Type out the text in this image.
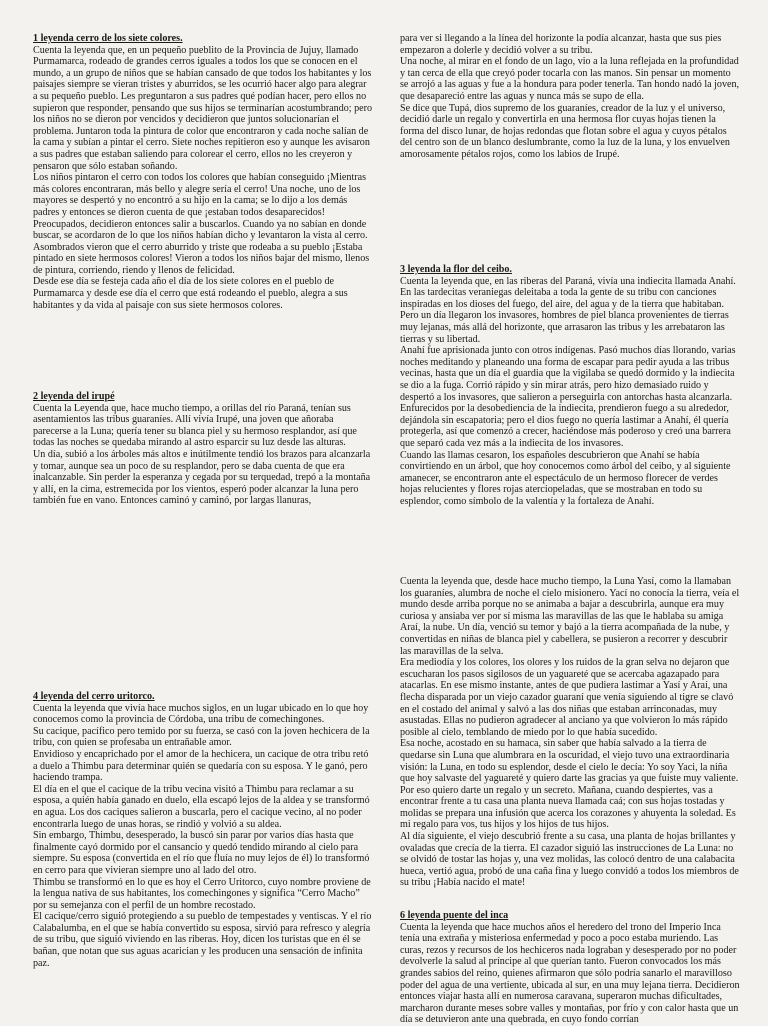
1 leyenda cerro de los siete colores.

Cuenta la leyenda que, en un pequeño pueblito de la Provincia de Jujuy, llamado Purmamarca, rodeado de grandes cerros iguales a todos los que se conocen en el mundo, a un grupo de niños que se habían cansado de que todos los habitantes y los paisajes siempre se vieran tristes y aburridos, se les ocurrió hacer algo para alegrar a su pequeño pueblo. Les preguntaron a sus padres qué podían hacer, pero ellos no supieron que responder, pensando que sus hijos se terminarían acostumbrando; pero los niños no se dieron por vencidos y decidieron que juntos solucionarían el problema. Juntaron toda la pintura de color que encontraron y cada noche salían de la cama y subían a pintar el cerro. Siete noches repitieron eso y aunque les avisaron a sus padres que estaban saliendo para colorear el cerro, ellos no les creyeron y pensaron que sólo estaban soñando.

Los niños pintaron el cerro con todos los colores que habían conseguido ¡Mientras más colores encontraran, más bello y alegre sería el cerro! Una noche, uno de los mayores se despertó y no encontró a su hijo en la cama; se lo dijo a los demás padres y entonces se dieron cuenta de que ¡estaban todos desaparecidos! Preocupados, decidieron entonces salir a buscarlos. Cuando ya no sabían en donde buscar, se acordaron de lo que los niños habían dicho y levantaron la vista al cerro. Asombrados vieron que el cerro aburrido y triste que rodeaba a su pueblo ¡Estaba pintado en siete hermosos colores! Vieron a todos los niños bajar del mismo, llenos de pintura, corriendo, riendo y llenos de felicidad.

Desde ese día se festeja cada año el día de los siete colores en el pueblo de Purmamarca y desde ese día el cerro que está rodeando el pueblo, alegra a sus habitantes y da vida al paisaje con sus siete hermosos colores.

2 leyenda del irupé

Cuenta la Leyenda que, hace mucho tiempo, a orillas del río Paraná, tenían sus asentamientos las tribus guaraníes. Allí vivía Irupé, una joven que añoraba parecerse a la Luna; quería tener su blanca piel y su hermoso resplandor, así que todas las noches se quedaba mirando al astro esparcir su luz desde las alturas.

Un día, subió a los árboles más altos e inútilmente tendió los brazos para alcanzarla y tomar, aunque sea un poco de su resplandor, pero se daba cuenta de que era inalcanzable. Sin perder la esperanza y cegada por su terquedad, trepó a la montaña y allí, en la cima, estremecida por los vientos, esperó poder alcanzar la luna pero también fue en vano. Entonces caminó y caminó, por largas llanuras,

4 leyenda del cerro uritorco.

Cuenta la leyenda que vivía hace muchos siglos, en un lugar ubicado en lo que hoy conocemos como la provincia de Córdoba, una tribu de comechingones.

Su cacique, pacífico pero temido por su fuerza, se casó con la joven hechicera de la tribu, con quien se profesaba un entrañable amor.

Envidioso y encaprichado por el amor de la hechicera, un cacique de otra tribu retó a duelo a Thimbu para determinar quién se quedaría con su esposa. Y le ganó, pero haciendo trampa.

El día en el que el cacique de la tribu vecina visitó a Thimbu para reclamar a su esposa, a quién había ganado en duelo, ella escapó lejos de la aldea y se transformó en agua. Los dos caciques salieron a buscarla, pero el cacique vecino, al no poder encontrarla luego de unas horas, se rindió y volvió a su aldea.

Sin embargo, Thimbu, desesperado, la buscó sin parar por varios días hasta que finalmente cayó dormido por el cansancio y quedó tendido mirando al cielo para siempre. Su esposa (convertida en el río que fluía no muy lejos de él) lo transformó en cerro para que vivieran siempre uno al lado del otro.

Thimbu se transformó en lo que es hoy el Cerro Uritorco, cuyo nombre proviene de la lengua nativa de sus habitantes, los comechingones y significa “Cerro Macho” por su semejanza con el perfil de un hombre recostado.

El cacique/cerro siguió protegiendo a su pueblo de tempestades y ventiscas. Y el río Calabalumba, en el que se había convertido su esposa, sirvió para refresco y alegría de su tribu, que siguió viviendo en las riberas. Hoy, dicen los turistas que en él se bañan, que notan que sus aguas acarician y les producen una sensación de infinita paz.

para ver si llegando a la línea del horizonte la podía alcanzar, hasta que sus pies empezaron a dolerle y decidió volver a su tribu.

Una noche, al mirar en el fondo de un lago, vio a la luna reflejada en la profundidad y tan cerca de ella que creyó poder tocarla con las manos. Sin pensar un momento se arrojó a las aguas y fue a la hondura para poder tenerla. Tan hondo nadó la joven, que desapareció entre las aguas y nunca más se supo de ella.

Se dice que Tupá, dios supremo de los guaraníes, creador de la luz y el universo, decidió darle un regalo y convertirla en una hermosa flor cuyas hojas tienen la forma del disco lunar, de hojas redondas que flotan sobre el agua y cuyos pétalos del centro son de un blanco deslumbrante, como la luz de la luna, y los envuelven amorosamente pétalos rojos, como los labios de Irupé.

3 leyenda la flor del ceibo.

Cuenta la leyenda que, en las riberas del Paraná, vivía una indiecita llamada Anahí. En las tardecitas veraniegas deleitaba a toda la gente de su tribu con canciones inspiradas en los dioses del fuego, del aire, del agua y de la tierra que habitaban. Pero un día llegaron los invasores, hombres de piel blanca provenientes de tierras muy lejanas, más allá del horizonte, que arrasaron las tribus y les arrebataron las tierras y su libertad.

Anahí fue aprisionada junto con otros indígenas. Pasó muchos días llorando, varias noches meditando y planeando una forma de escapar para pedir ayuda a las tribus vecinas, hasta que un día el guardia que la vigilaba se quedó dormido y la indiecita se dio a la fuga. Corrió rápido y sin mirar atrás, pero hizo demasiado ruido y despertó a los invasores, que salieron a perseguirla con antorchas hasta alcanzarla. Enfurecidos por la desobediencia de la indiecita, prendieron fuego a su alrededor, dejándola sin escapatoria; pero el dios fuego no quería lastimar a Anahí, él quería protegerla, así que comenzó a crecer, haciéndose más poderoso y creó una barrera que separó cada vez más a la indiecita de los invasores.

Cuando las llamas cesaron, los españoles descubrieron que Anahí se había convirtiendo en un árbol, que hoy conocemos como árbol del ceibo, y al siguiente amanecer, se encontraron ante el espectáculo de un hermoso florecer de verdes hojas relucientes y flores rojas aterciopeladas, que se mostraban en todo su esplendor, como símbolo de la valentía y la fortaleza de Anahí.

Cuenta la leyenda que, desde hace mucho tiempo, la Luna Yasí, como la llamaban los guaraníes, alumbra de noche el cielo misionero. Yací no conocía la tierra, veía el mundo desde arriba porque no se animaba a bajar a descubrirla, aunque era muy curiosa y ansiaba ver por sí misma las maravillas de las que le hablaba su amiga Araí, la nube. Un día, venció su temor y bajó a la tierra acompañada de la nube, y convertidas en niñas de blanca piel y cabellera, se pusieron a recorrer y descubrir las maravillas de la selva.

Era mediodía y los colores, los olores y los ruidos de la gran selva no dejaron que escucharan los pasos sigilosos de un yaguareté que se acercaba agazapado para atacarlas. En ese mismo instante, antes de que pudiera lastimar a Yasí y Araí, una flecha disparada por un viejo cazador guaraní que venía siguiendo al tigre se clavó en el costado del animal y salvó a las dos niñas que estaban arrinconadas, muy asustadas. Ellas no pudieron agradecer al anciano ya que volvieron lo más rápido posible al cielo, temblando de miedo por lo que había sucedido.

Esa noche, acostado en su hamaca, sin saber que había salvado a la tierra de quedarse sin Luna que alumbrara en la oscuridad, el viejo tuvo una extraordinaria visión: la Luna, en todo su esplendor, desde el cielo le decía: Yo soy Yaci, la niña que hoy salvaste del yaguareté y quiero darte las gracias ya que fuiste muy valiente. Por eso quiero darte un regalo y un secreto. Mañana, cuando despiertes, vas a encontrar frente a tu casa una planta nueva llamada caá; con sus hojas tostadas y molidas se prepara una infusión que acerca los corazones y ahuyenta la soledad. Es mi regalo para vos, tus hijos y los hijos de tus hijos.

Al día siguiente, el viejo descubrió frente a su casa, una planta de hojas brillantes y ovaladas que crecía de la tierra. El cazador siguió las instrucciones de La Luna: no se olvidó de tostar las hojas y, una vez molidas, las colocó dentro de una calabacita hueca, vertió agua, probó de una caña fina y luego convidó a todos los miembros de su tribu ¡Había nacido el mate!

6 leyenda puente del inca

Cuenta la leyenda que hace muchos años el heredero del trono del Imperio Inca tenía una extraña y misteriosa enfermedad y poco a poco estaba muriendo. Las curas, rezos y recursos de los hechiceros nada lograban y desesperado por no poder devolverle la salud al príncipe al que querían tanto. Fueron convocados los más grandes sabios del reino, quienes afirmaron que sólo podría sanarlo el maravilloso poder del agua de una vertiente, ubicada al sur, en una muy lejana tierra. Decidieron entonces viajar hasta allí en numerosa caravana, superaron muchas dificultades, marcharon durante meses sobre valles y montañas, por frío y con calor hasta que un día se detuvieron ante una quebrada, en cuyo fondo corrían
